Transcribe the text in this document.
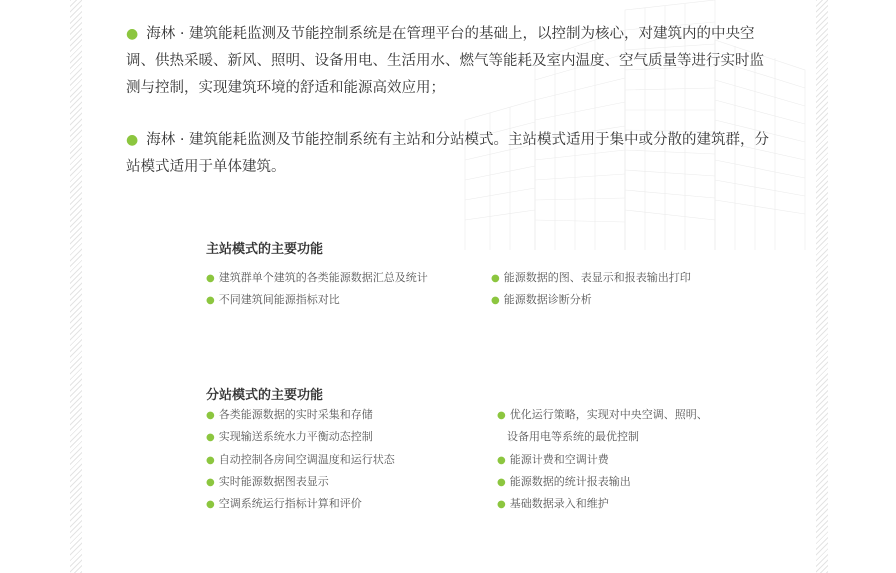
● 海林 · 建筑能耗监测及节能控制系统是在管理平台的基础上，以控制为核心，对建筑内的中央空调、供热采暖、新风、照明、设备用电、生活用水、燃气等能耗及室内温度、空气质量等进行实时监测与控制，实现建筑环境的舒适和能源高效应用；

● 海林 · 建筑能耗监测及节能控制系统有主站和分站模式。主站模式适用于集中或分散的建筑群，分站模式适用于单体建筑。

主站模式的主要功能
● 建筑群单个建筑的各类能源数据汇总及统计
● 不同建筑间能源指标对比
● 能源数据的图、表显示和报表输出打印
● 能源数据诊断分析
分站模式的主要功能
● 各类能源数据的实时采集和存储
● 实现输送系统水力平衡动态控制
● 自动控制各房间空调温度和运行状态
● 实时能源数据图表显示
● 空调系统运行指标计算和评价
● 优化运行策略，实现对中央空调、照明、
设备用电等系统的最优控制
● 能源计费和空调计费
● 能源数据的统计报表输出
● 基础数据录入和维护
